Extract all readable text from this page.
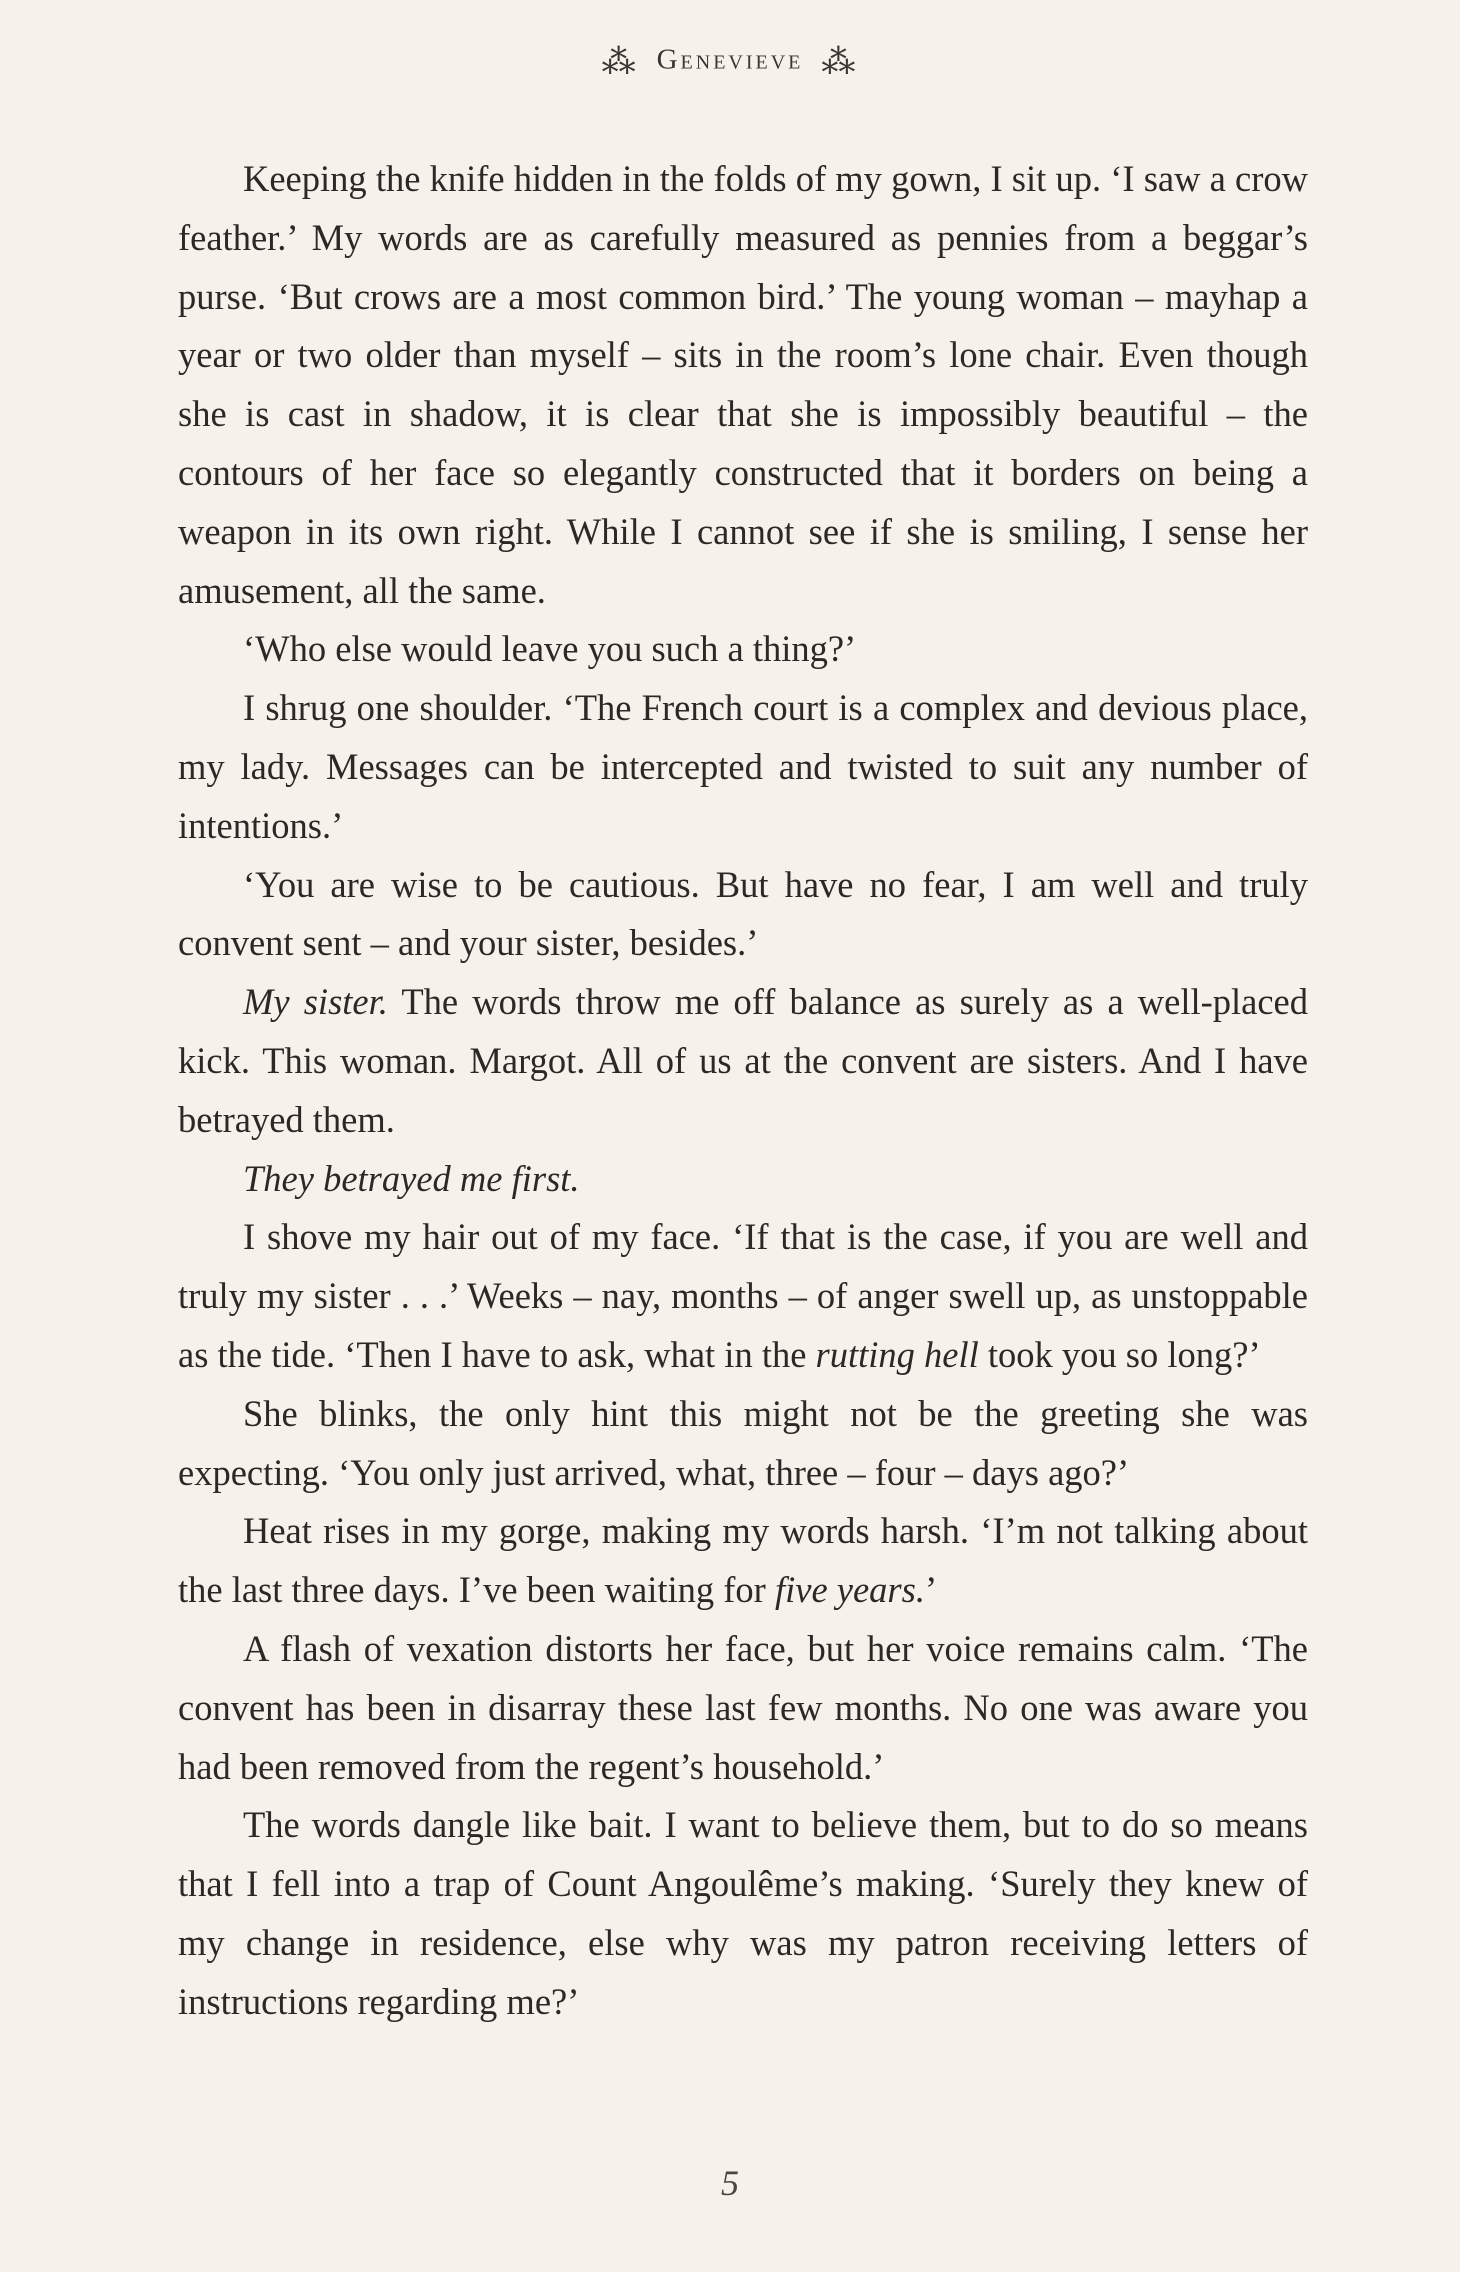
⁂ Genevieve ⁂

Keeping the knife hidden in the folds of my gown, I sit up. ‘I saw a crow feather.’ My words are as carefully measured as pennies from a beggar’s purse. ‘But crows are a most common bird.’ The young woman – mayhap a year or two older than myself – sits in the room’s lone chair. Even though she is cast in shadow, it is clear that she is impossibly beautiful – the contours of her face so elegantly constructed that it borders on being a weapon in its own right. While I cannot see if she is smiling, I sense her amusement, all the same.

‘Who else would leave you such a thing?’

I shrug one shoulder. ‘The French court is a complex and devious place, my lady. Messages can be intercepted and twisted to suit any number of intentions.’

‘You are wise to be cautious. But have no fear, I am well and truly convent sent – and your sister, besides.’

My sister. The words throw me off balance as surely as a well-placed kick. This woman. Margot. All of us at the convent are sisters. And I have betrayed them.

They betrayed me first.

I shove my hair out of my face. ‘If that is the case, if you are well and truly my sister . . .’ Weeks – nay, months – of anger swell up, as unstoppable as the tide. ‘Then I have to ask, what in the rutting hell took you so long?’

She blinks, the only hint this might not be the greeting she was expecting. ‘You only just arrived, what, three – four – days ago?’

Heat rises in my gorge, making my words harsh. ‘I’m not talking about the last three days. I’ve been waiting for five years.’

A flash of vexation distorts her face, but her voice remains calm. ‘The convent has been in disarray these last few months. No one was aware you had been removed from the regent’s household.’

The words dangle like bait. I want to believe them, but to do so means that I fell into a trap of Count Angoulême’s making. ‘Surely they knew of my change in residence, else why was my patron receiving letters of instructions regarding me?’

5
